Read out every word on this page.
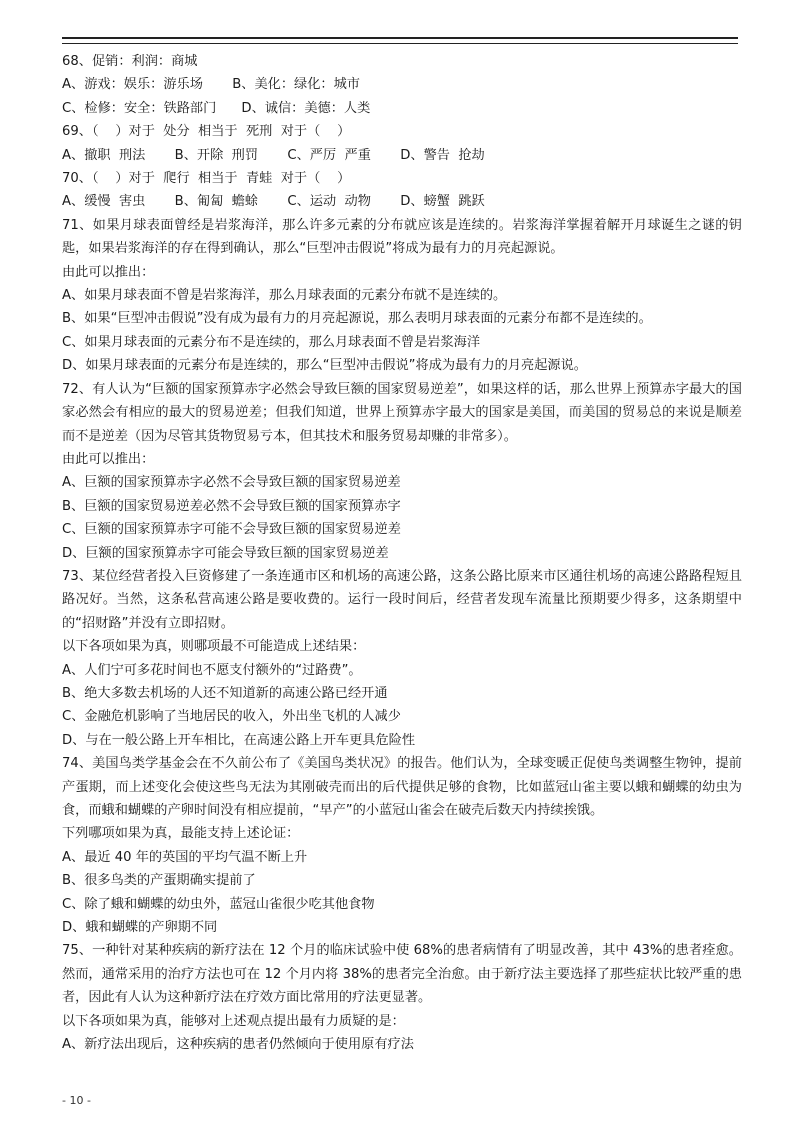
68、促销：利润：商城

A、游戏：娱乐：游乐场       B、美化：绿化：城市

C、检修：安全：铁路部门      D、诚信：美德：人类

69、（    ）对于  处分  相当于  死刑  对于（    ）

A、撤职  刑法       B、开除  刑罚       C、严厉  严重       D、警告  抢劫

70、（    ）对于  爬行  相当于  青蛙  对于（    ）

A、缓慢  害虫       B、匍匐  蟾蜍       C、运动  动物       D、螃蟹  跳跃

71、如果月球表面曾经是岩浆海洋，那么许多元素的分布就应该是连续的。岩浆海洋掌握着解开月球诞生之谜的钥匙，如果岩浆海洋的存在得到确认，那么“巨型冲击假说”将成为最有力的月亮起源说。

由此可以推出：

A、如果月球表面不曾是岩浆海洋，那么月球表面的元素分布就不是连续的。

B、如果“巨型冲击假说”没有成为最有力的月亮起源说，那么表明月球表面的元素分布都不是连续的。

C、如果月球表面的元素分布不是连续的，那么月球表面不曾是岩浆海洋

D、如果月球表面的元素分布是连续的，那么“巨型冲击假说”将成为最有力的月亮起源说。

72、有人认为“巨额的国家预算赤字必然会导致巨额的国家贸易逆差”，如果这样的话，那么世界上预算赤字最大的国家必然会有相应的最大的贸易逆差；但我们知道，世界上预算赤字最大的国家是美国，而美国的贸易总的来说是顺差而不是逆差（因为尽管其货物贸易亏本，但其技术和服务贸易却赚的非常多）。

由此可以推出：

A、巨额的国家预算赤字必然不会导致巨额的国家贸易逆差

B、巨额的国家贸易逆差必然不会导致巨额的国家预算赤字

C、巨额的国家预算赤字可能不会导致巨额的国家贸易逆差

D、巨额的国家预算赤字可能会导致巨额的国家贸易逆差

73、某位经营者投入巨资修建了一条连通市区和机场的高速公路，这条公路比原来市区通往机场的高速公路路程短且路况好。当然，这条私营高速公路是要收费的。运行一段时间后，经营者发现车流量比预期要少得多，这条期望中的“招财路”并没有立即招财。

以下各项如果为真，则哪项最不可能造成上述结果：

A、人们宁可多花时间也不愿支付额外的“过路费”。

B、绝大多数去机场的人还不知道新的高速公路已经开通

C、金融危机影响了当地居民的收入，外出坐飞机的人减少

D、与在一般公路上开车相比，在高速公路上开车更具危险性

74、美国鸟类学基金会在不久前公布了《美国鸟类状况》的报告。他们认为，全球变暖正促使鸟类调整生物钟，提前产蛋期，而上述变化会使这些鸟无法为其刚破壳而出的后代提供足够的食物，比如蓝冠山雀主要以蛾和蝴蝶的幼虫为食，而蛾和蝴蝶的产卵时间没有相应提前，“早产”的小蓝冠山雀会在破壳后数天内持续挨饿。

下列哪项如果为真，最能支持上述论证：

A、最近 40 年的英国的平均气温不断上升

B、很多鸟类的产蛋期确实提前了

C、除了蛾和蝴蝶的幼虫外，蓝冠山雀很少吃其他食物

D、蛾和蝴蝶的产卵期不同

75、一种针对某种疾病的新疗法在 12 个月的临床试验中使 68%的患者病情有了明显改善，其中 43%的患者痊愈。然而，通常采用的治疗方法也可在 12 个月内将 38%的患者完全治愈。由于新疗法主要选择了那些症状比较严重的患者，因此有人认为这种新疗法在疗效方面比常用的疗法更显著。

以下各项如果为真，能够对上述观点提出最有力质疑的是：

A、新疗法出现后，这种疾病的患者仍然倾向于使用原有疗法

- 10 -
